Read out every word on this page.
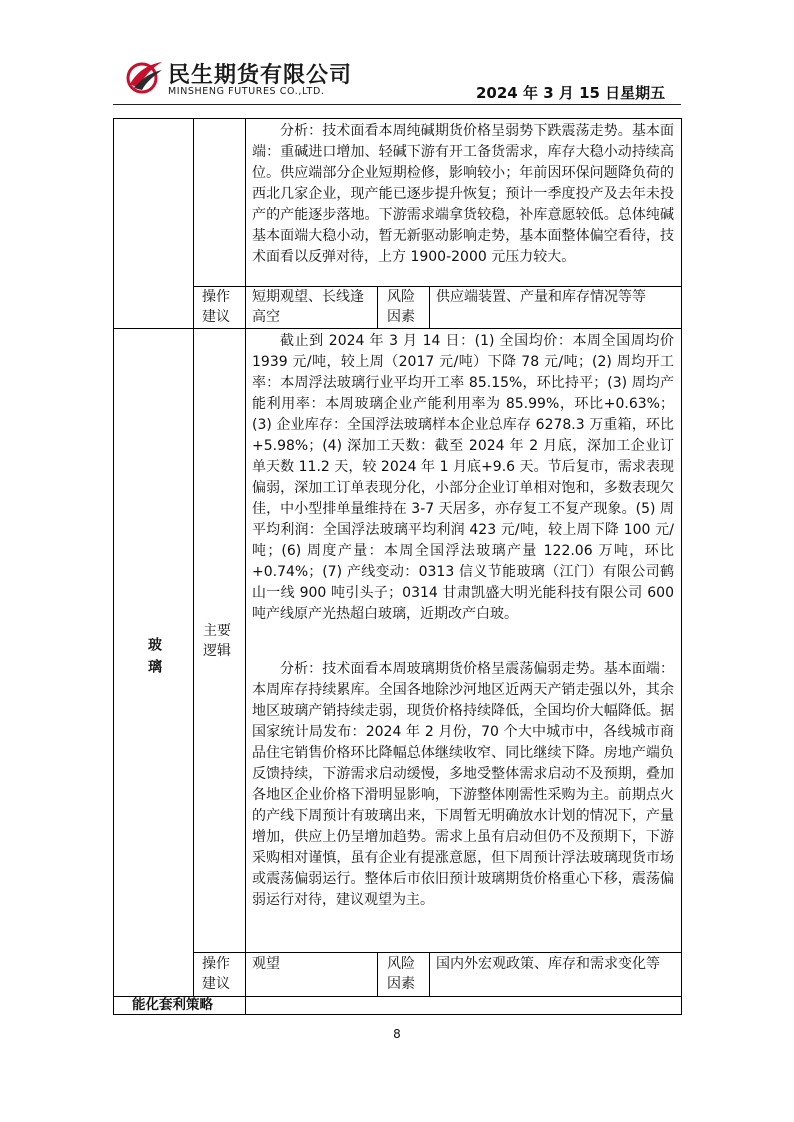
民生期货有限公司
MINSHENG FUTURES CO.,LTD.	2024 年 3 月 15 日星期五

分析：技术面看本周纯碱期货价格呈弱势下跌震荡走势。基本面端：重碱进口增加、轻碱下游有开工备货需求，库存大稳小动持续高位。供应端部分企业短期检修，影响较小；年前因环保问题降负荷的西北几家企业，现产能已逐步提升恢复；预计一季度投产及去年未投产的产能逐步落地。下游需求端拿货较稳，补库意愿较低。总体纯碱基本面端大稳小动，暂无新驱动影响走势，基本面整体偏空看待，技术面看以反弹对待，上方 1900-2000 元压力较大。

操作建议
短期观望、长线逢高空
风险因素
供应端装置、产量和库存情况等等
玻璃
主要逻辑

截止到 2024 年 3 月 14 日：(1) 全国均价：本周全国周均价 1939 元/吨，较上周（2017 元/吨）下降 78 元/吨；(2) 周均开工率：本周浮法玻璃行业平均开工率 85.15%，环比持平；(3) 周均产能利用率：本周玻璃企业产能利用率为 85.99%，环比+0.63%；(3) 企业库存：全国浮法玻璃样本企业总库存 6278.3 万重箱，环比+5.98%；(4) 深加工天数：截至 2024 年 2 月底，深加工企业订单天数 11.2 天，较 2024 年 1 月底+9.6 天。节后复市，需求表现偏弱，深加工订单表现分化，小部分企业订单相对饱和，多数表现欠佳，中小型排单量维持在 3-7 天居多，亦存复工不复产现象。(5) 周平均利润：全国浮法玻璃平均利润 423 元/吨，较上周下降 100 元/吨；(6) 周度产量：本周全国浮法玻璃产量 122.06 万吨，环比+0.74%；(7) 产线变动：0313 信义节能玻璃（江门）有限公司鹤山一线 900 吨引头子；0314 甘肃凯盛大明光能科技有限公司 600 吨产线原产光热超白玻璃，近期改产白玻。

分析：技术面看本周玻璃期货价格呈震荡偏弱走势。基本面端：本周库存持续累库。全国各地除沙河地区近两天产销走强以外，其余地区玻璃产销持续走弱，现货价格持续降低，全国均价大幅降低。据国家统计局发布：2024 年 2 月份，70 个大中城市中，各线城市商品住宅销售价格环比降幅总体继续收窄、同比继续下降。房地产端负反馈持续，下游需求启动缓慢，多地受整体需求启动不及预期，叠加各地区企业价格下滑明显影响，下游整体刚需性采购为主。前期点火的产线下周预计有玻璃出来，下周暂无明确放水计划的情况下，产量增加，供应上仍呈增加趋势。需求上虽有启动但仍不及预期下，下游采购相对谨慎，虽有企业有提涨意愿，但下周预计浮法玻璃现货市场或震荡偏弱运行。整体后市依旧预计玻璃期货价格重心下移，震荡偏弱运行对待，建议观望为主。

操作建议
观望	风险因素
国内外宏观政策、库存和需求变化等
能化套利策略
8
